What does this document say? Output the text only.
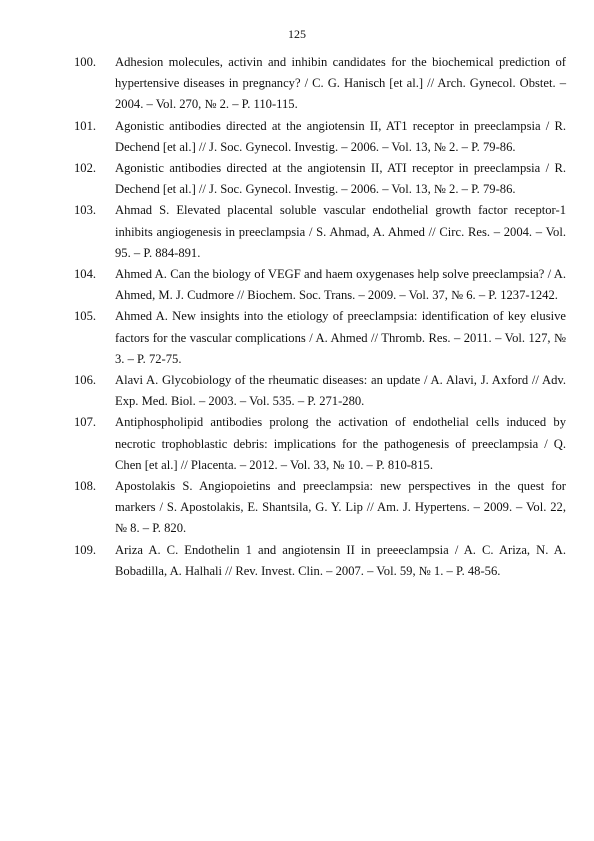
125
100.	Adhesion molecules, activin and inhibin candidates for the biochemical prediction of hypertensive diseases in pregnancy? / C. G. Hanisch [et al.] // Arch. Gynecol. Obstet. – 2004. – Vol. 270, № 2. – P. 110-115.
101.	Agonistic antibodies directed at the angiotensin II, AT1 receptor in preeclampsia / R. Dechend [et al.] // J. Soc. Gynecol. Investig. – 2006. – Vol. 13, № 2. – P. 79-86.
102.	Agonistic antibodies directed at the angiotensin II, ATI receptor in preeclampsia / R. Dechend [et al.] // J. Soc. Gynecol. Investig. – 2006. – Vol. 13, № 2. – P. 79-86.
103.	Ahmad S. Elevated placental soluble vascular endothelial growth factor receptor-1 inhibits angiogenesis in preeclampsia / S. Ahmad, A. Ahmed // Circ. Res. – 2004. – Vol. 95. – P. 884-891.
104.	Ahmed A. Can the biology of VEGF and haem oxygenases help solve preeclampsia? / A. Ahmed, M. J. Cudmore // Biochem. Soc. Trans. – 2009. – Vol. 37, № 6. – P. 1237-1242.
105.	Ahmed A. New insights into the etiology of preeclampsia: identification of key elusive factors for the vascular complications / A. Ahmed // Thromb. Res. – 2011. – Vol. 127, № 3. – P. 72-75.
106.	Alavi A. Glycobiology of the rheumatic diseases: an update / A. Alavi, J. Axford // Adv. Exp. Med. Biol. – 2003. – Vol. 535. – P. 271-280.
107.	Antiphospholipid antibodies prolong the activation of endothelial cells induced by necrotic trophoblastic debris: implications for the pathogenesis of preeclampsia / Q. Chen [et al.] // Placenta. – 2012. – Vol. 33, № 10. – P. 810-815.
108.	Apostolakis S. Angiopoietins and preeclampsia: new perspectives in the quest for markers / S. Apostolakis, E. Shantsila, G. Y. Lip // Am. J. Hypertens. – 2009. – Vol. 22, № 8. – P. 820.
109.	Ariza A. C. Endothelin 1 and angiotensin II in preeeclampsia / A. C. Ariza, N. A. Bobadilla, A. Halhali // Rev. Invest. Clin. – 2007. – Vol. 59, № 1. – P. 48-56.
